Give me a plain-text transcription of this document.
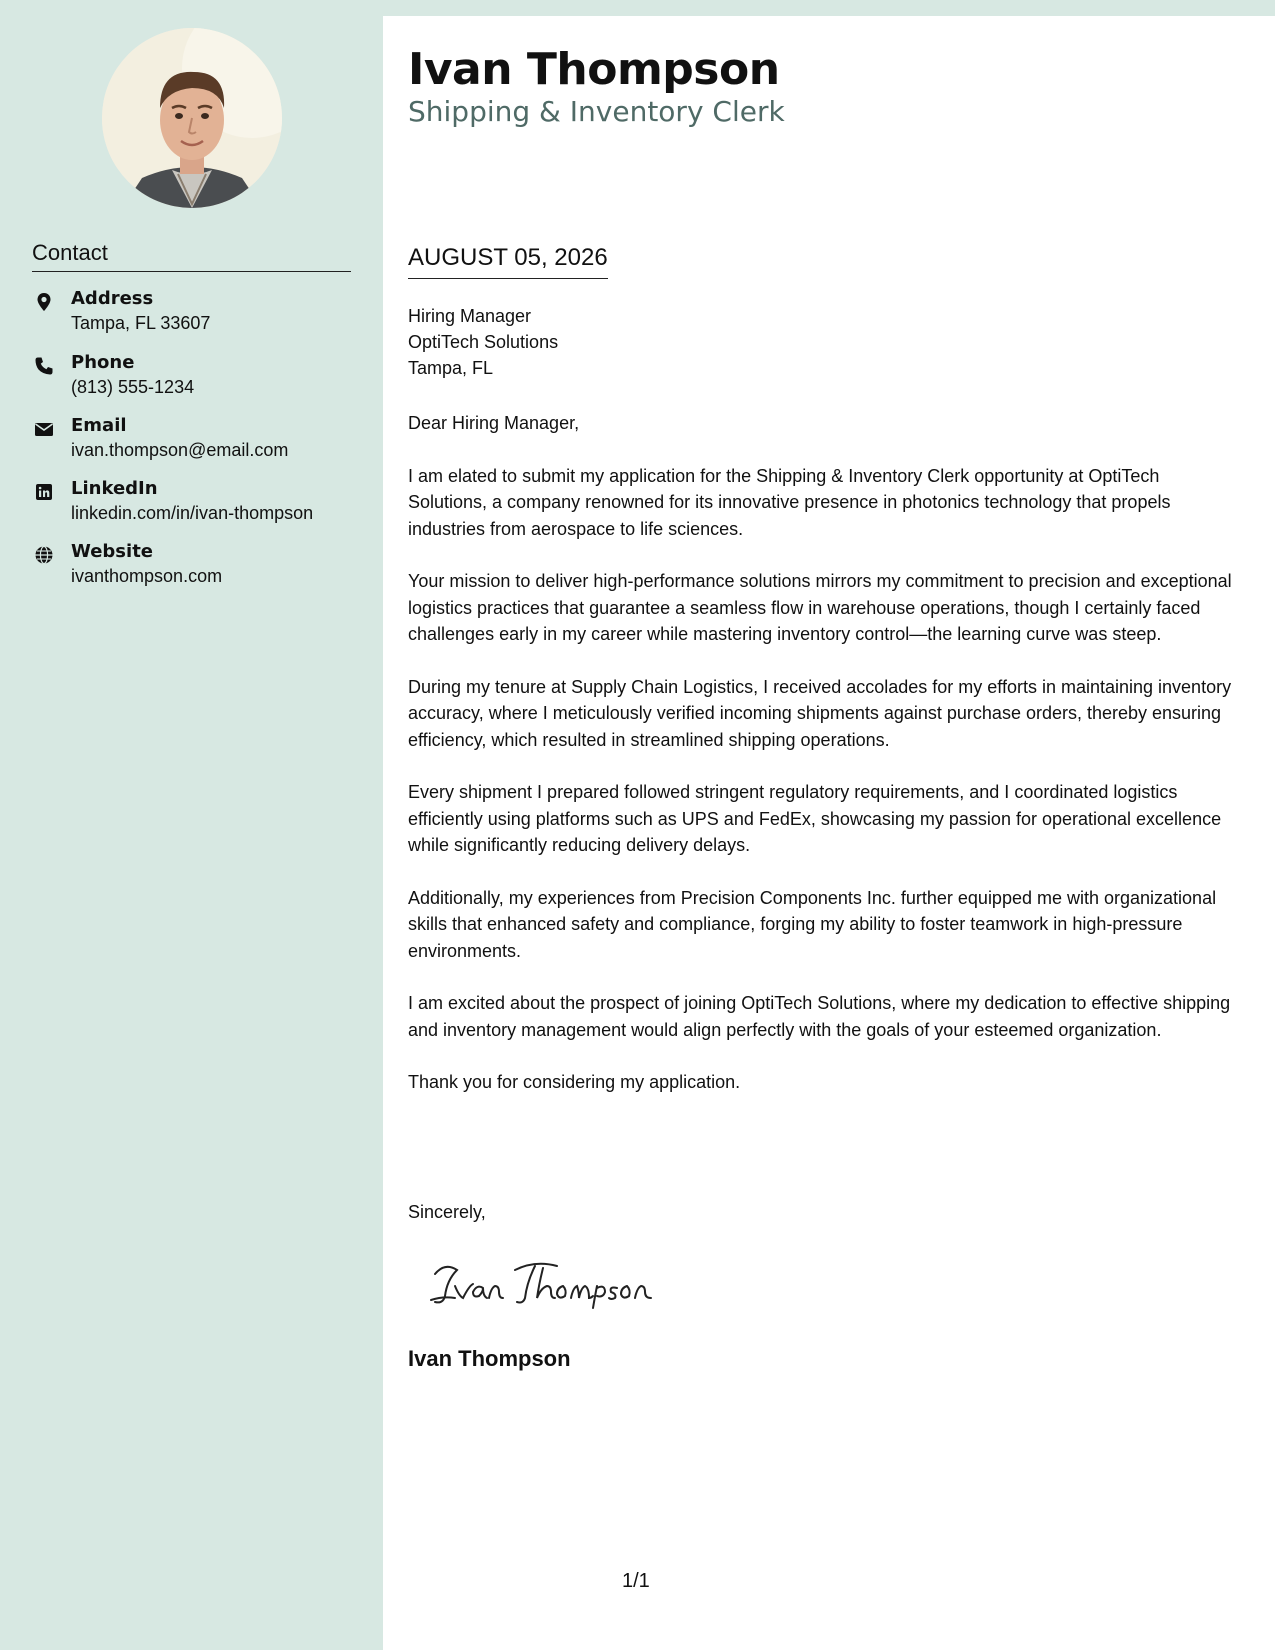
Contact
Address
Tampa, FL 33607
Phone
(813) 555-1234
Email
ivan.thompson@email.com
LinkedIn
linkedin.com/in/ivan-thompson
Website
ivanthompson.com
Ivan Thompson
Shipping & Inventory Clerk
AUGUST 05, 2026
Hiring Manager
OptiTech Solutions
Tampa, FL

Dear Hiring Manager,

I am elated to submit my application for the Shipping & Inventory Clerk opportunity at OptiTech Solutions, a company renowned for its innovative presence in photonics technology that propels industries from aerospace to life sciences.

Your mission to deliver high-performance solutions mirrors my commitment to precision and exceptional logistics practices that guarantee a seamless flow in warehouse operations, though I certainly faced challenges early in my career while mastering inventory control—the learning curve was steep.

During my tenure at Supply Chain Logistics, I received accolades for my efforts in maintaining inventory accuracy, where I meticulously verified incoming shipments against purchase orders, thereby ensuring efficiency, which resulted in streamlined shipping operations.

Every shipment I prepared followed stringent regulatory requirements, and I coordinated logistics efficiently using platforms such as UPS and FedEx, showcasing my passion for operational excellence while significantly reducing delivery delays.

Additionally, my experiences from Precision Components Inc. further equipped me with organizational skills that enhanced safety and compliance, forging my ability to foster teamwork in high-pressure environments.

I am excited about the prospect of joining OptiTech Solutions, where my dedication to effective shipping and inventory management would align perfectly with the goals of your esteemed organization.

Thank you for considering my application.

Sincerely,
Ivan Thompson
1/1
